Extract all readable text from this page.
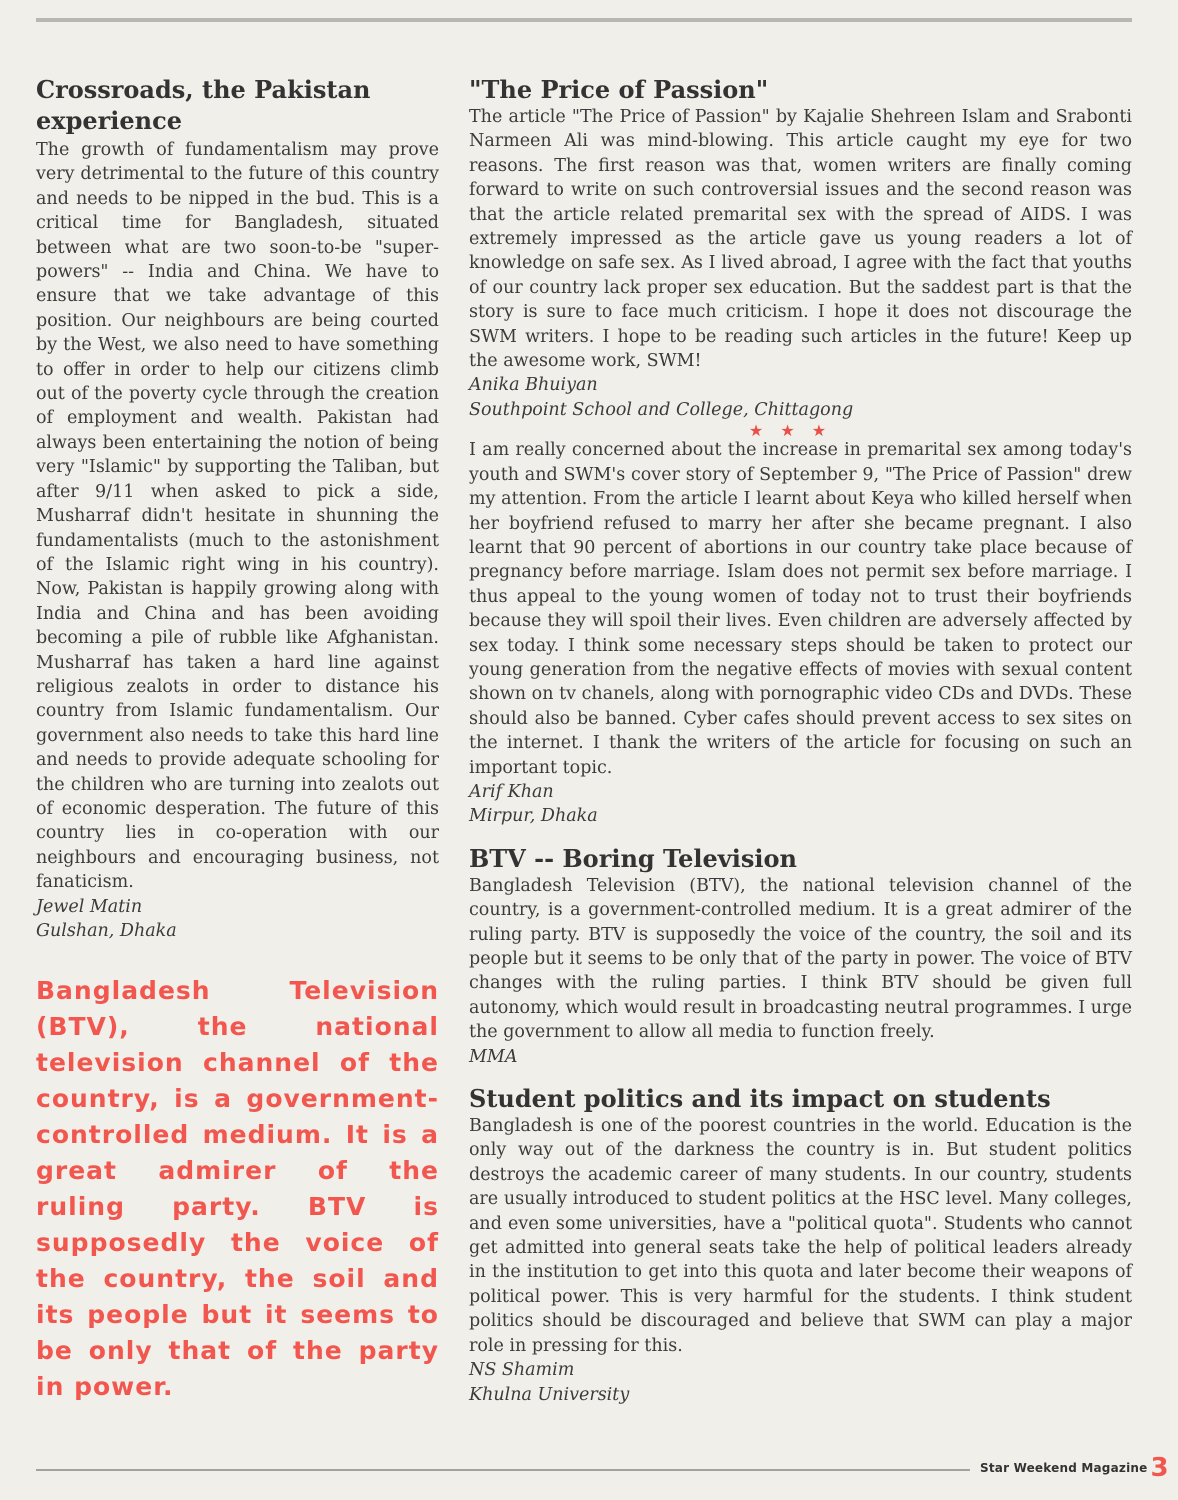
Crossroads, the Pakistan experience

The growth of fundamentalism may prove very detrimental to the future of this country and needs to be nipped in the bud. This is a critical time for Bangladesh, situated between what are two soon-to-be "super-powers" -- India and China. We have to ensure that we take advantage of this position. Our neighbours are being courted by the West, we also need to have something to offer in order to help our citizens climb out of the poverty cycle through the creation of employment and wealth. Pakistan had always been entertaining the notion of being very "Islamic" by supporting the Taliban, but after 9/11 when asked to pick a side, Musharraf didn't hesitate in shunning the fundamentalists (much to the astonishment of the Islamic right wing in his country). Now, Pakistan is happily growing along with India and China and has been avoiding becoming a pile of rubble like Afghanistan. Musharraf has taken a hard line against religious zealots in order to distance his country from Islamic fundamentalism. Our government also needs to take this hard line and needs to provide adequate schooling for the children who are turning into zealots out of economic desperation. The future of this country lies in co-operation with our neighbours and encouraging business, not fanaticism.

Jewel Matin

Gulshan, Dhaka

Bangladesh Television (BTV), the national television channel of the country, is a government-controlled medium. It is a great admirer of the ruling party. BTV is supposedly the voice of the country, the soil and its people but it seems to be only that of the party in power.
"The Price of Passion"

The article "The Price of Passion" by Kajalie Shehreen Islam and Srabonti Narmeen Ali was mind-blowing. This article caught my eye for two reasons. The first reason was that, women writers are finally coming forward to write on such controversial issues and the second reason was that the article related premarital sex with the spread of AIDS. I was extremely impressed as the article gave us young readers a lot of knowledge on safe sex. As I lived abroad, I agree with the fact that youths of our country lack proper sex education. But the saddest part is that the story is sure to face much criticism. I hope it does not discourage the SWM writers. I hope to be reading such articles in the future! Keep up the awesome work, SWM!

Anika Bhuiyan

Southpoint School and College, Chittagong

★ ★ ★

I am really concerned about the increase in premarital sex among today's youth and SWM's cover story of September 9, "The Price of Passion" drew my attention. From the article I learnt about Keya who killed herself when her boyfriend refused to marry her after she became pregnant. I also learnt that 90 percent of abortions in our country take place because of pregnancy before marriage. Islam does not permit sex before marriage. I thus appeal to the young women of today not to trust their boyfriends because they will spoil their lives. Even children are adversely affected by sex today. I think some necessary steps should be taken to protect our young generation from the negative effects of movies with sexual content shown on tv chanels, along with pornographic video CDs and DVDs. These should also be banned. Cyber cafes should prevent access to sex sites on the internet. I thank the writers of the article for focusing on such an important topic.

Arif Khan

Mirpur, Dhaka

BTV -- Boring Television

Bangladesh Television (BTV), the national television channel of the country, is a government-controlled medium. It is a great admirer of the ruling party. BTV is supposedly the voice of the country, the soil and its people but it seems to be only that of the party in power. The voice of BTV changes with the ruling parties. I think BTV should be given full autonomy, which would result in broadcasting neutral programmes. I urge the government to allow all media to function freely.

MMA

Student politics and its impact on students

Bangladesh is one of the poorest countries in the world. Education is the only way out of the darkness the country is in. But student politics destroys the academic career of many students. In our country, students are usually introduced to student politics at the HSC level. Many colleges, and even some universities, have a "political quota". Students who cannot get admitted into general seats take the help of political leaders already in the institution to get into this quota and later become their weapons of political power. This is very harmful for the students. I think student politics should be discouraged and believe that SWM can play a major role in pressing for this.

NS Shamim

Khulna University

Star Weekend Magazine 3
